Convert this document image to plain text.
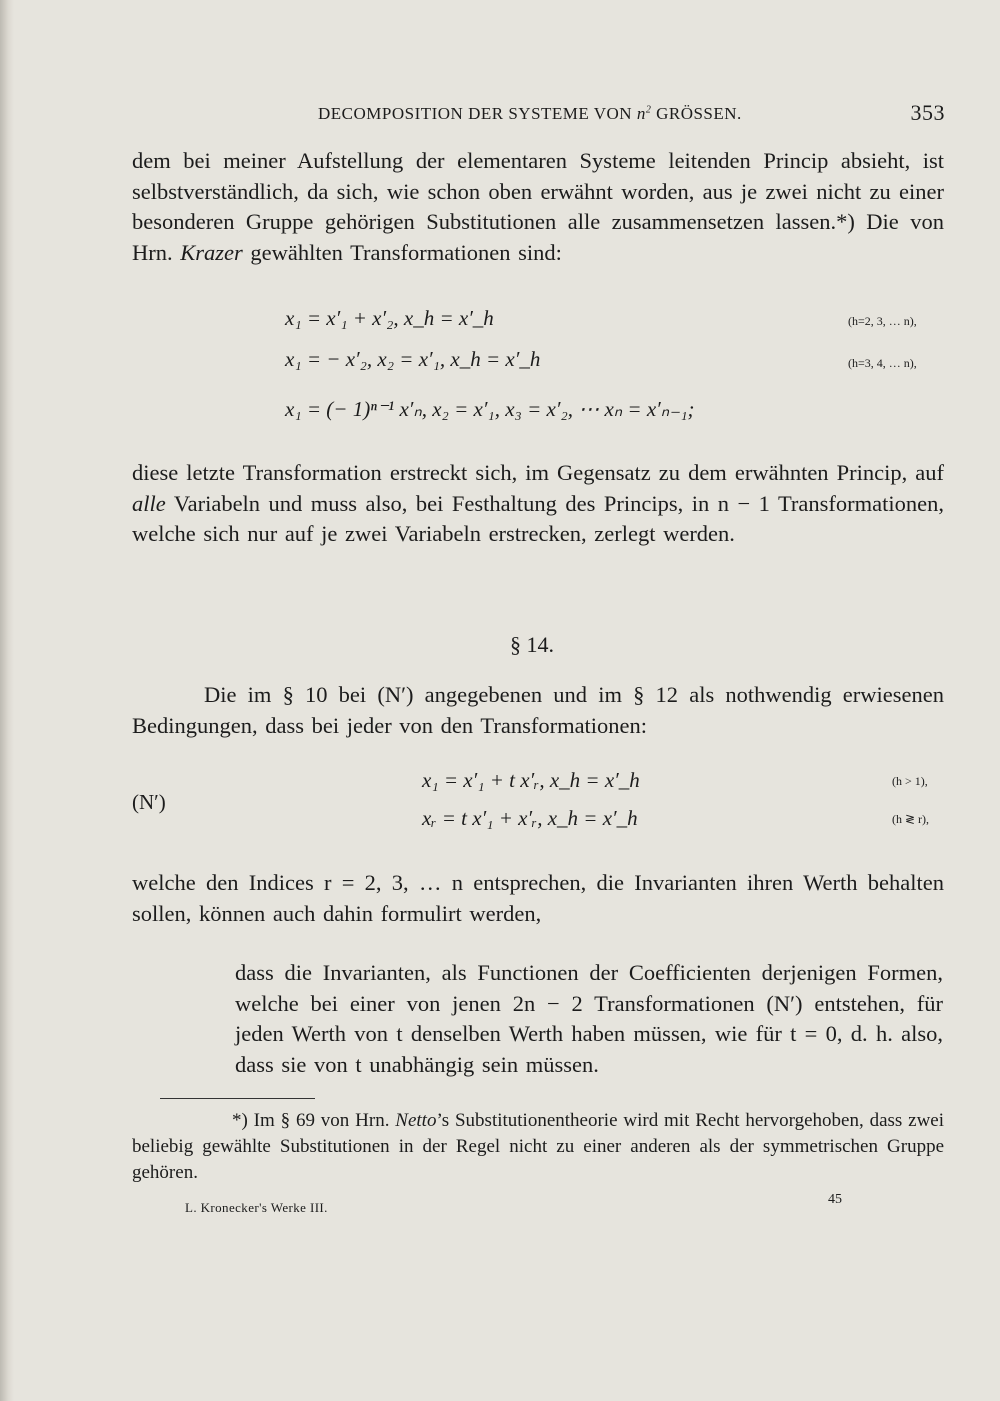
DECOMPOSITION DER SYSTEME VON $n^2$ GRÖSSEN.	353
dem bei meiner Aufstellung der elementaren Systeme leitenden Princip absieht, ist selbstverständlich, da sich, wie schon oben erwähnt worden, aus je zwei nicht zu einer besonderen Gruppe gehörigen Substitutionen alle zusammensetzen lassen.*) Die von Hrn. Krazer gewählten Transformationen sind:
x₁ = x′₁ + x′₂, x_h = x′_h	(h=2, 3, … n),
x₁ = − x′₂, x₂ = x′₁, x_h = x′_h	(h=3, 4, … n),
x₁ = (− 1)ⁿ⁻¹ x′ₙ, x₂ = x′₁, x₃ = x′₂, ⋯ xₙ = x′ₙ₋₁;
diese letzte Transformation erstreckt sich, im Gegensatz zu dem erwähnten Princip, auf alle Variabeln und muss also, bei Festhaltung des Princips, in n − 1 Transformationen, welche sich nur auf je zwei Variabeln erstrecken, zerlegt werden.
§ 14.
Die im § 10 bei (N′) angegebenen und im § 12 als nothwendig erwiesenen Bedingungen, dass bei jeder von den Transformationen:
(N′)
x₁ = x′₁ + t x′ᵣ, x_h = x′_h	(h > 1),
xᵣ = t x′₁ + x′ᵣ, x_h = x′_h	(h ≷ r),
welche den Indices r = 2, 3, … n entsprechen, die Invarianten ihren Werth behalten sollen, können auch dahin formulirt werden,
dass die Invarianten, als Functionen der Coefficienten derjenigen Formen, welche bei einer von jenen 2n − 2 Transformationen (N′) entstehen, für jeden Werth von t denselben Werth haben müssen, wie für t = 0, d. h. also, dass sie von t unabhängig sein müssen.
*) Im § 69 von Hrn. Netto’s Substitutionentheorie wird mit Recht hervorgehoben, dass zwei beliebig gewählte Substitutionen in der Regel nicht zu einer anderen als der symmetrischen Gruppe gehören.
L. Kronecker's Werke III.
45
